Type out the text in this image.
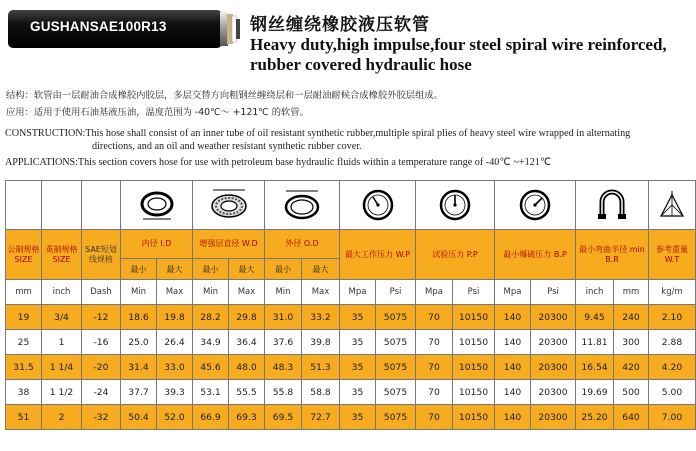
GUSHANSAE100R13	钢丝缠绕橡胶液压软管
Heavy duty,high impulse,four steel spiral wire reinforced, rubber covered hydraulic hose
结构：软管由一层耐油合成橡胶内胶层，多层交替方向粗钢丝缠绕层和一层耐油耐候合成橡胶外胶层组成。
应用：适用于使用石油基液压油，温度范围为 -40℃～ +121℃ 的软管。
CONSTRUCTION:This hose shall consist of an inner tube of oil resistant synthetic rubber,multiple spiral plies of heavy steel wire wrapped in alternating
directions, and an oil and weather resistant synthetic rubber cover.
APPLICATIONS:This section covers hose for use with petroleum base hydraulic fluids within a temperature range of -40℃ ~+121℃

公制规格SIZE	英制规格SIZE	SAE短划线规格	内径 I.D		增强层直径 W.D		外径 O.D		最大工作压力 W.P		试验压力 P.P		最小爆破压力 B.P		最小弯曲半径 min B.R		参考重量 W.T
			最小	最大	最小	最大	最小	最大									
mm	inch	Dash	Min	Max	Min	Max	Min	Max	Mpa	Psi	Mpa	Psi	Mpa	Psi	inch	mm	kg/m
19	3/4	-12	18.6	19.8	28.2	29.8	31.0	33.2	35	5075	70	10150	140	20300	9.45	240	2.10
25	1	-16	25.0	26.4	34.9	36.4	37.6	39.8	35	5075	70	10150	140	20300	11.81	300	2.88
31.5	1 1/4	-20	31.4	33.0	45.6	48.0	48.3	51.3	35	5075	70	10150	140	20300	16.54	420	4.20
38	1 1/2	-24	37.7	39.3	53.1	55.5	55.8	58.8	35	5075	70	10150	140	20300	19.69	500	5.00
51	2	-32	50.4	52.0	66.9	69.3	69.5	72.7	35	5075	70	10150	140	20300	25.20	640	7.00
